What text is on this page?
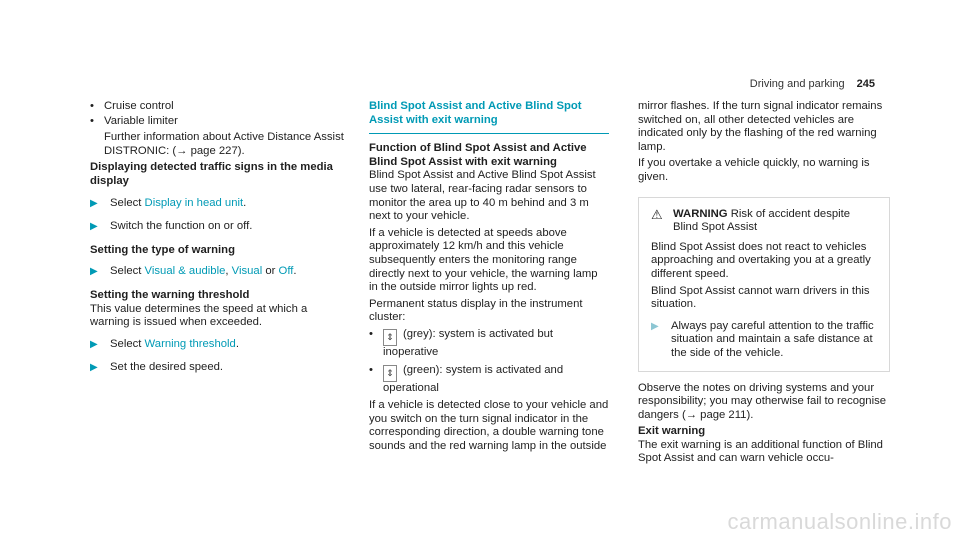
Driving and parking 245
• Cruise control
• Variable limiter

Further information about Active Distance Assist DISTRONIC: (→ page 227).

Displaying detected traffic signs in the media display

▶ Select Display in head unit.
▶ Switch the function on or off.

Setting the type of warning

▶ Select Visual & audible, Visual or Off.

Setting the warning threshold

This value determines the speed at which a warning is issued when exceeded.

▶ Select Warning threshold.
▶ Set the desired speed.
Blind Spot Assist and Active Blind Spot Assist with exit warning

Function of Blind Spot Assist and Active Blind Spot Assist with exit warning

Blind Spot Assist and Active Blind Spot Assist use two lateral, rear-facing radar sensors to monitor the area up to 40 m behind and 3 m next to your vehicle.

If a vehicle is detected at speeds above approximately 12 km/h and this vehicle subsequently enters the monitoring range directly next to your vehicle, the warning lamp in the outside mirror lights up red.

Permanent status display in the instrument cluster:

• ⇕ (grey): system is activated but inoperative
• ⇕ (green): system is activated and operational

If a vehicle is detected close to your vehicle and you switch on the turn signal indicator in the corresponding direction, a double warning tone sounds and the red warning lamp in the outside

mirror flashes. If the turn signal indicator remains switched on, all other detected vehicles are indicated only by the flashing of the red warning lamp.

If you overtake a vehicle quickly, no warning is given.

⚠ WARNING Risk of accident despite Blind Spot Assist

Blind Spot Assist does not react to vehicles approaching and overtaking you at a greatly different speed.

Blind Spot Assist cannot warn drivers in this situation.

▶ Always pay careful attention to the traffic situation and maintain a safe distance at the side of the vehicle.

Observe the notes on driving systems and your responsibility; you may otherwise fail to recognise dangers (→ page 211).

Exit warning

The exit warning is an additional function of Blind Spot Assist and can warn vehicle occu-

carmanualsonline.info
